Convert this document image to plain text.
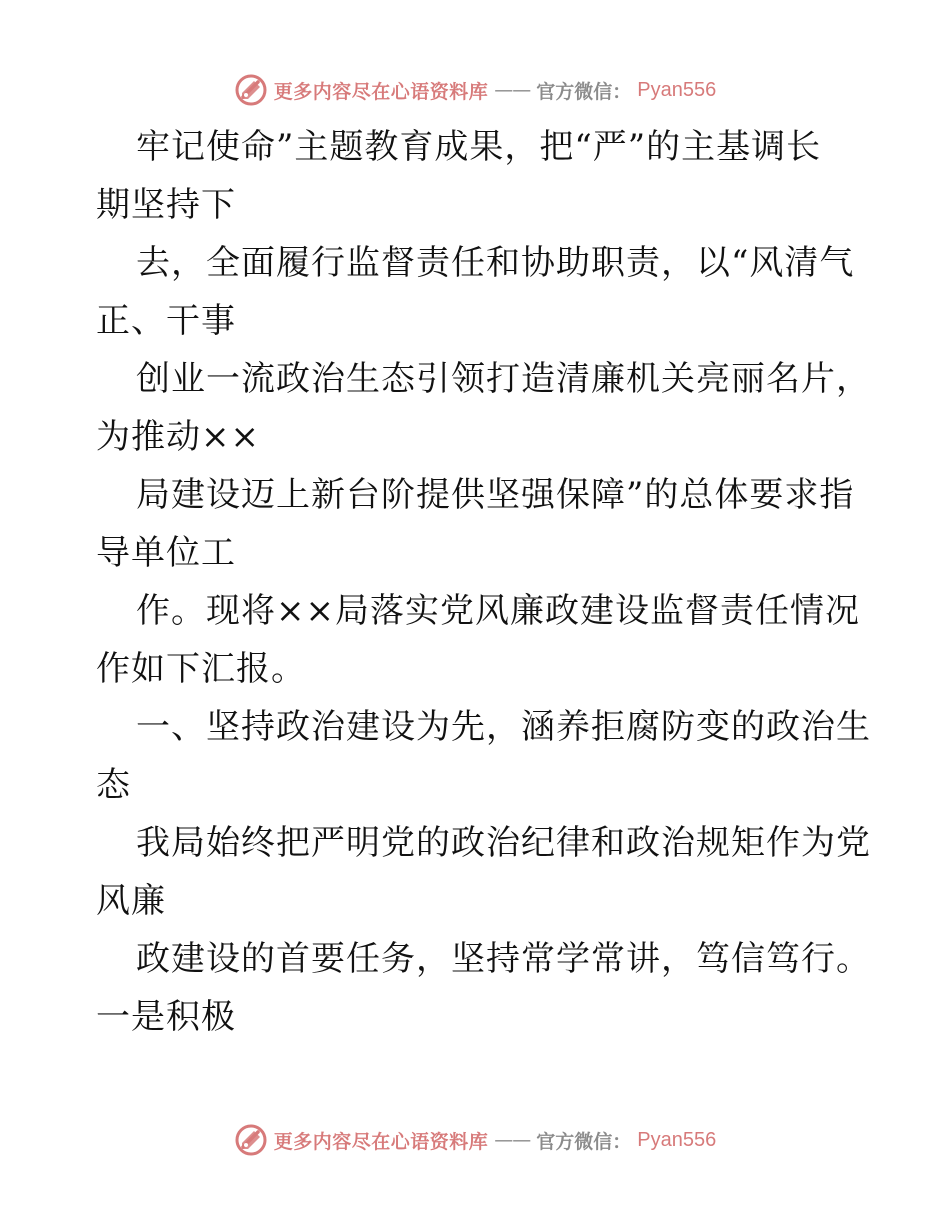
更多内容尽在心语资料库 —— 官方微信： Pyan556
牢记使命”主题教育成果，把“严”的主基调长
期坚持下
去，全面履行监督责任和协助职责，以“风清气
正、干事
创业一流政治生态引领打造清廉机关亮丽名片，
为推动××
局建设迈上新台阶提供坚强保障”的总体要求指
导单位工
作。现将××局落实党风廉政建设监督责任情况
作如下汇报。
一、坚持政治建设为先，涵养拒腐防变的政治生
态
我局始终把严明党的政治纪律和政治规矩作为党
风廉
政建设的首要任务，坚持常学常讲，笃信笃行。
一是积极
更多内容尽在心语资料库 —— 官方微信： Pyan556
